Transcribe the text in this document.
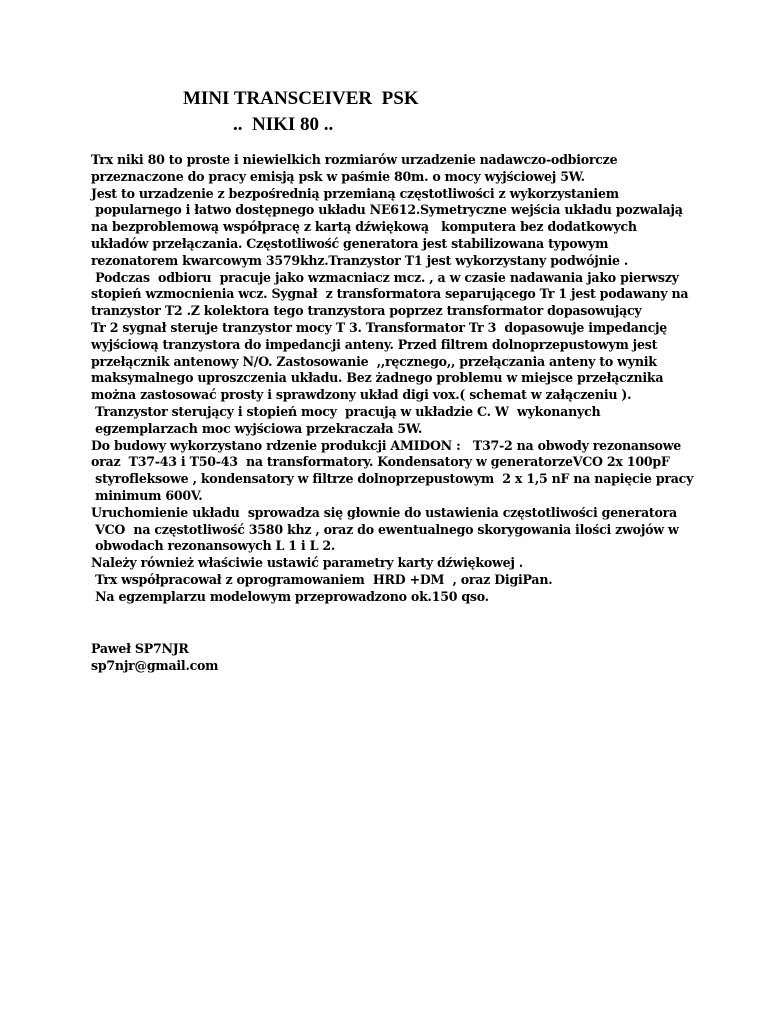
MINI TRANSCEIVER  PSK

..  NIKI 80 ..

Trx niki 80 to proste i niewielkich rozmiarów urzadzenie nadawczo-odbiorcze
przeznaczone do pracy emisją psk w paśmie 80m. o mocy wyjściowej 5W.
Jest to urzadzenie z bezpośrednią przemianą częstotliwości z wykorzystaniem
popularnego i łatwo dostępnego układu NE612.Symetryczne wejścia układu pozwalają
na bezproblemową współpracę z kartą dźwiękową   komputera bez dodatkowych
układów przełączania. Częstotliwość generatora jest stabilizowana typowym
rezonatorem kwarcowym 3579khz.Tranzystor T1 jest wykorzystany podwójnie .
Podczas  odbioru  pracuje jako wzmacniacz mcz. , a w czasie nadawania jako pierwszy
stopień wzmocnienia wcz. Sygnał  z transformatora separującego Tr 1 jest podawany na
tranzystor T2 .Z kolektora tego tranzystora poprzez transformator dopasowujący
Tr 2 sygnał steruje tranzystor mocy T 3. Transformator Tr 3  dopasowuje impedancję
wyjściową tranzystora do impedancji anteny. Przed filtrem dolnoprzepustowym jest
przełącznik antenowy N/O. Zastosowanie  ,,ręcznego,, przełączania anteny to wynik
maksymalnego uproszczenia układu. Bez żadnego problemu w miejsce przełącznika
można zastosować prosty i sprawdzony układ digi vox.( schemat w załączeniu ).
Tranzystor sterujący i stopień mocy  pracują w układzie C. W  wykonanych
egzemplarzach moc wyjściowa przekraczała 5W.
Do budowy wykorzystano rdzenie produkcji AMIDON :   T37-2 na obwody rezonansowe
oraz  T37-43 i T50-43  na transformatory. Kondensatory w generatorzeVCO 2x 100pF
styrofleksowe , kondensatory w filtrze dolnoprzepustowym  2 x 1,5 nF na napięcie pracy
minimum 600V.
Uruchomienie układu  sprowadza się głownie do ustawienia częstotliwości generatora
VCO  na częstotliwość 3580 khz , oraz do ewentualnego skorygowania ilości zwojów w
obwodach rezonansowych L 1 i L 2.
Należy również właściwie ustawić parametry karty dźwiękowej .
Trx współpracował z oprogramowaniem  HRD +DM  , oraz DigiPan.
Na egzemplarzu modelowym przeprowadzono ok.150 qso.
Paweł SP7NJR
sp7njr@gmail.com
